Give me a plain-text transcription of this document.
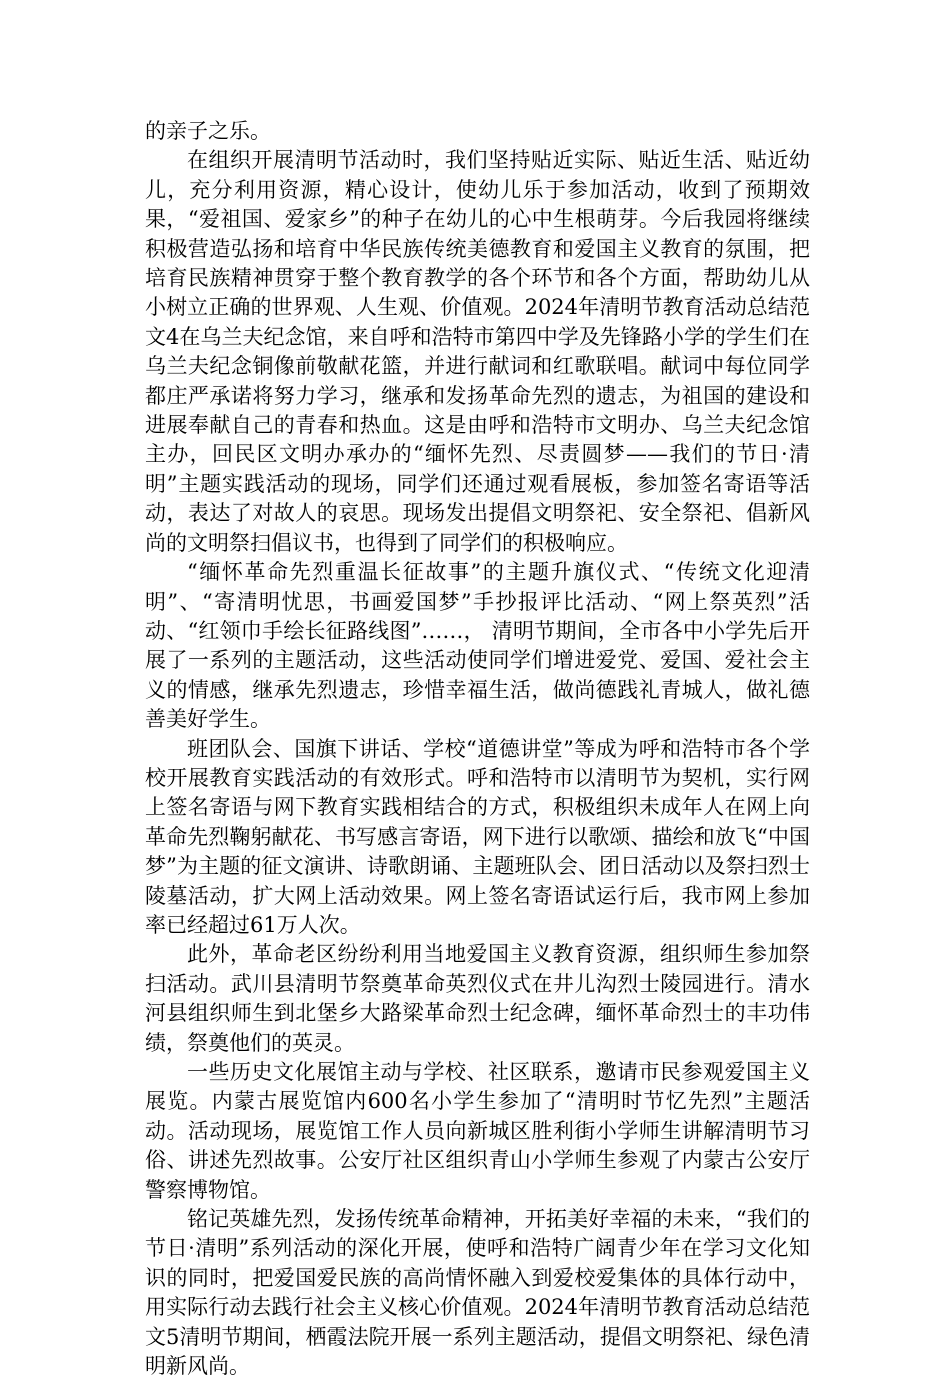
的亲子之乐。

在组织开展清明节活动时，我们坚持贴近实际、贴近生活、贴近幼儿，充分利用资源，精心设计，使幼儿乐于参加活动，收到了预期效果，“爱祖国、爱家乡”的种子在幼儿的心中生根萌芽。今后我园将继续积极营造弘扬和培育中华民族传统美德教育和爱国主义教育的氛围，把培育民族精神贯穿于整个教育教学的各个环节和各个方面，帮助幼儿从小树立正确的世界观、人生观、价值观。2024年清明节教育活动总结范文4在乌兰夫纪念馆，来自呼和浩特市第四中学及先锋路小学的学生们在乌兰夫纪念铜像前敬献花篮，并进行献词和红歌联唱。献词中每位同学都庄严承诺将努力学习，继承和发扬革命先烈的遗志，为祖国的建设和进展奉献自己的青春和热血。这是由呼和浩特市文明办、乌兰夫纪念馆主办，回民区文明办承办的“缅怀先烈、尽责圆梦——我们的节日·清明”主题实践活动的现场，同学们还通过观看展板，参加签名寄语等活动，表达了对故人的哀思。现场发出提倡文明祭祀、安全祭祀、倡新风尚的文明祭扫倡议书，也得到了同学们的积极响应。

“缅怀革命先烈重温长征故事”的主题升旗仪式、“传统文化迎清明”、“寄清明忧思，书画爱国梦”手抄报评比活动、“网上祭英烈”活动、“红领巾手绘长征路线图”……， 清明节期间，全市各中小学先后开展了一系列的主题活动，这些活动使同学们增进爱党、爱国、爱社会主义的情感，继承先烈遗志，珍惜幸福生活，做尚德践礼青城人，做礼德善美好学生。

班团队会、国旗下讲话、学校“道德讲堂”等成为呼和浩特市各个学校开展教育实践活动的有效形式。呼和浩特市以清明节为契机，实行网上签名寄语与网下教育实践相结合的方式，积极组织未成年人在网上向革命先烈鞠躬献花、书写感言寄语，网下进行以歌颂、描绘和放飞“中国梦”为主题的征文演讲、诗歌朗诵、主题班队会、团日活动以及祭扫烈士陵墓活动，扩大网上活动效果。网上签名寄语试运行后，我市网上参加率已经超过61万人次。

此外，革命老区纷纷利用当地爱国主义教育资源，组织师生参加祭扫活动。武川县清明节祭奠革命英烈仪式在井儿沟烈士陵园进行。清水河县组织师生到北堡乡大路梁革命烈士纪念碑，缅怀革命烈士的丰功伟绩，祭奠他们的英灵。

一些历史文化展馆主动与学校、社区联系，邀请市民参观爱国主义展览。内蒙古展览馆内600名小学生参加了“清明时节忆先烈”主题活动。活动现场，展览馆工作人员向新城区胜利街小学师生讲解清明节习俗、讲述先烈故事。公安厅社区组织青山小学师生参观了内蒙古公安厅警察博物馆。

铭记英雄先烈，发扬传统革命精神，开拓美好幸福的未来，“我们的节日·清明”系列活动的深化开展，使呼和浩特广阔青少年在学习文化知识的同时，把爱国爱民族的高尚情怀融入到爱校爱集体的具体行动中，用实际行动去践行社会主义核心价值观。2024年清明节教育活动总结范文5清明节期间，栖霞法院开展一系列主题活动，提倡文明祭祀、绿色清明新风尚。
